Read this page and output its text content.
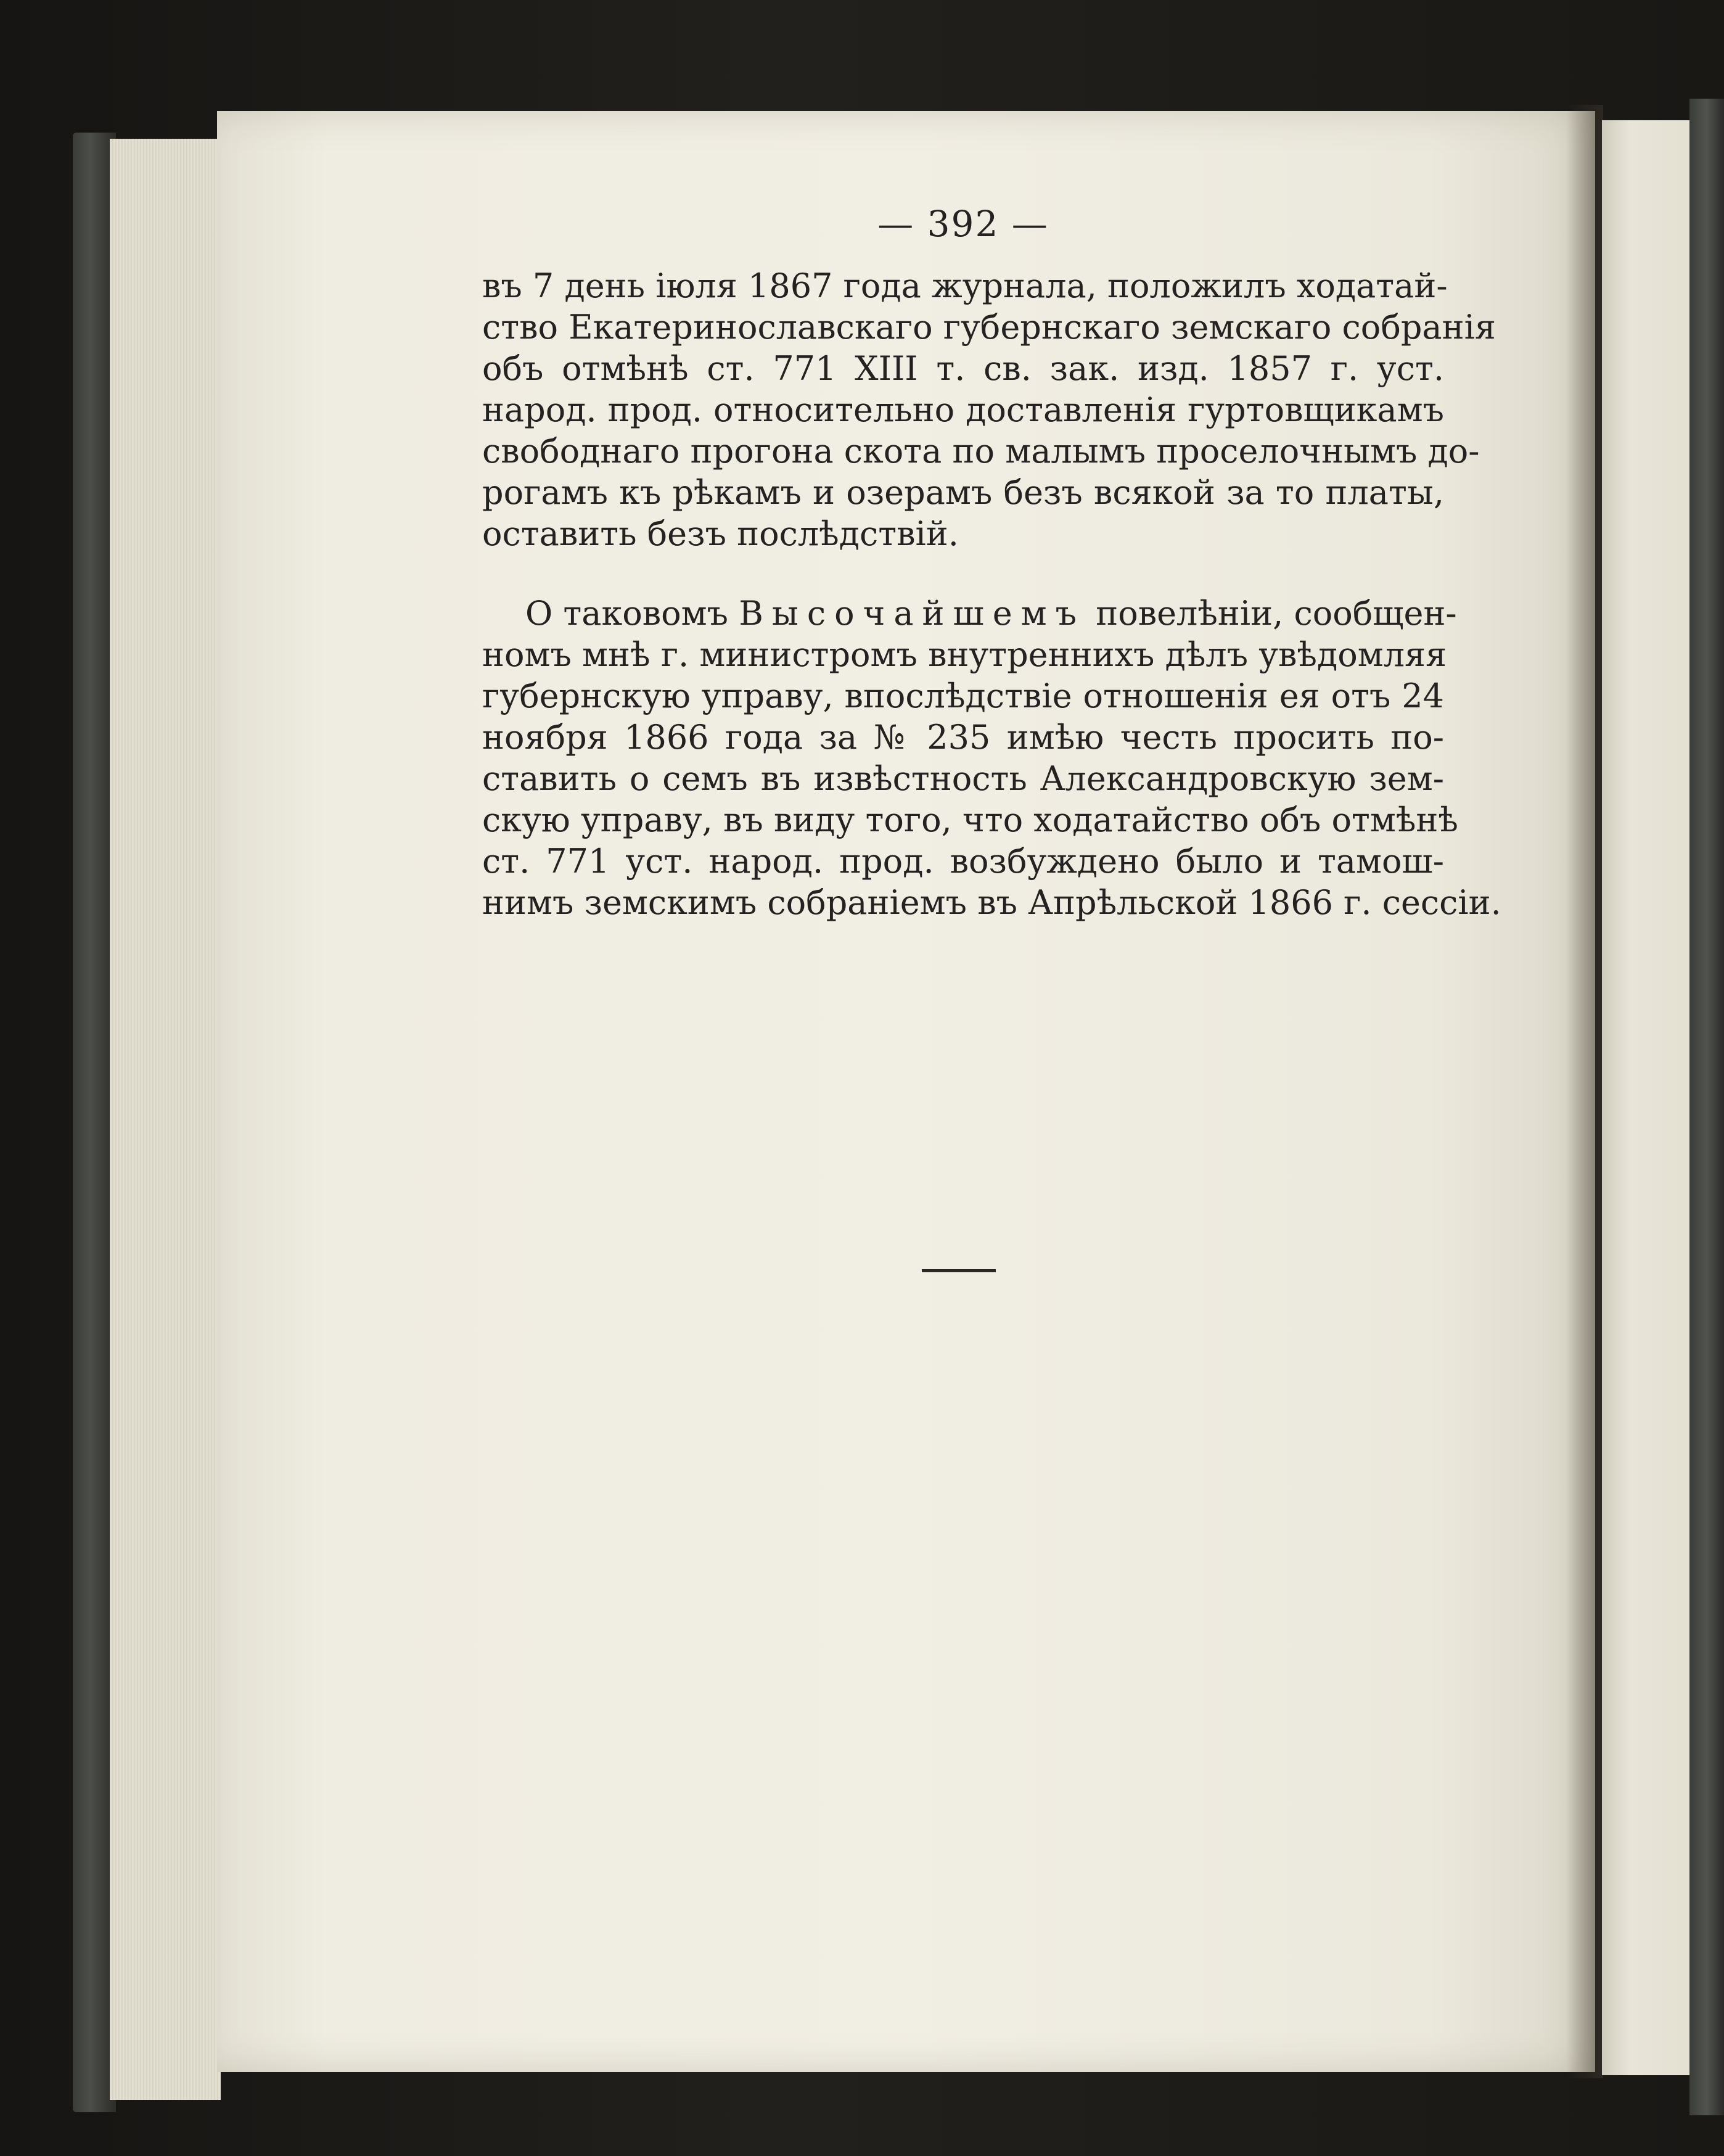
— 392 —
въ 7 день іюля 1867 года журнала, положилъ ходатай-
ство Екатеринославскаго губернскаго земскаго собранія
объ отмѣнѣ ст. 771 XIII т. св. зак. изд. 1857 г. уст.
народ. прод. относительно доставленія гуртовщикамъ
свободнаго прогона скота по малымъ проселочнымъ до-
рогамъ къ рѣкамъ и озерамъ безъ всякой за то платы,
оставить безъ послѣдствій.
О таковомъ Высочайшемъ повелѣніи, сообщен-
номъ мнѣ г. министромъ внутреннихъ дѣлъ увѣдомляя
губернскую управу, впослѣдствіе отношенія ея отъ 24
ноября 1866 года за № 235 имѣю честь просить по-
ставить о семъ въ извѣстность Александровскую зем-
скую управу, въ виду того, что ходатайство объ отмѣнѣ
ст. 771 уст. народ. прод. возбуждено было и тамош-
нимъ земскимъ собраніемъ въ Апрѣльской 1866 г. сессіи.
